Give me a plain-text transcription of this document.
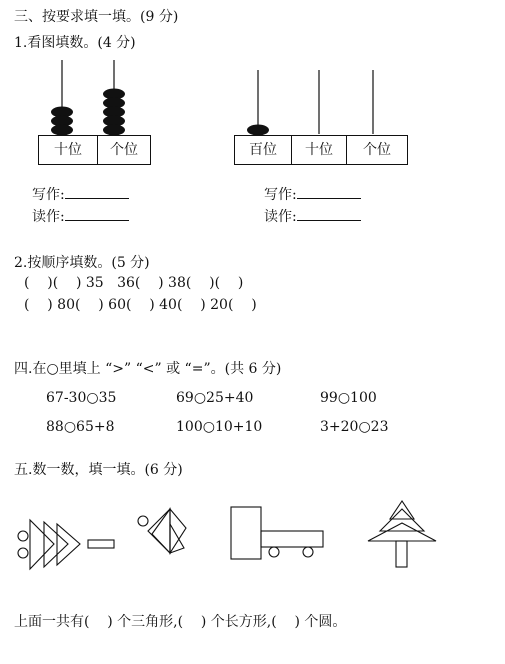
三、按要求填一填。(9 分)
1.看图填数。(4 分)
十位	个位	百位	十位	个位
写作:
读作:
写作:
读作:
2.按顺序填数。(5 分)
(    )(    ) 35   36(    ) 38(    )(    )
(    ) 80(    ) 60(    ) 40(    ) 20(    )
四.在○里填上 “>” “<” 或 “=”。(共 6 分)
67-30○35	69○25+40	99○100
88○65+8	100○10+10	3+20○23
五.数一数，填一填。(6 分)
上面一共有(    ) 个三角形,(    ) 个长方形,(    ) 个圆。
